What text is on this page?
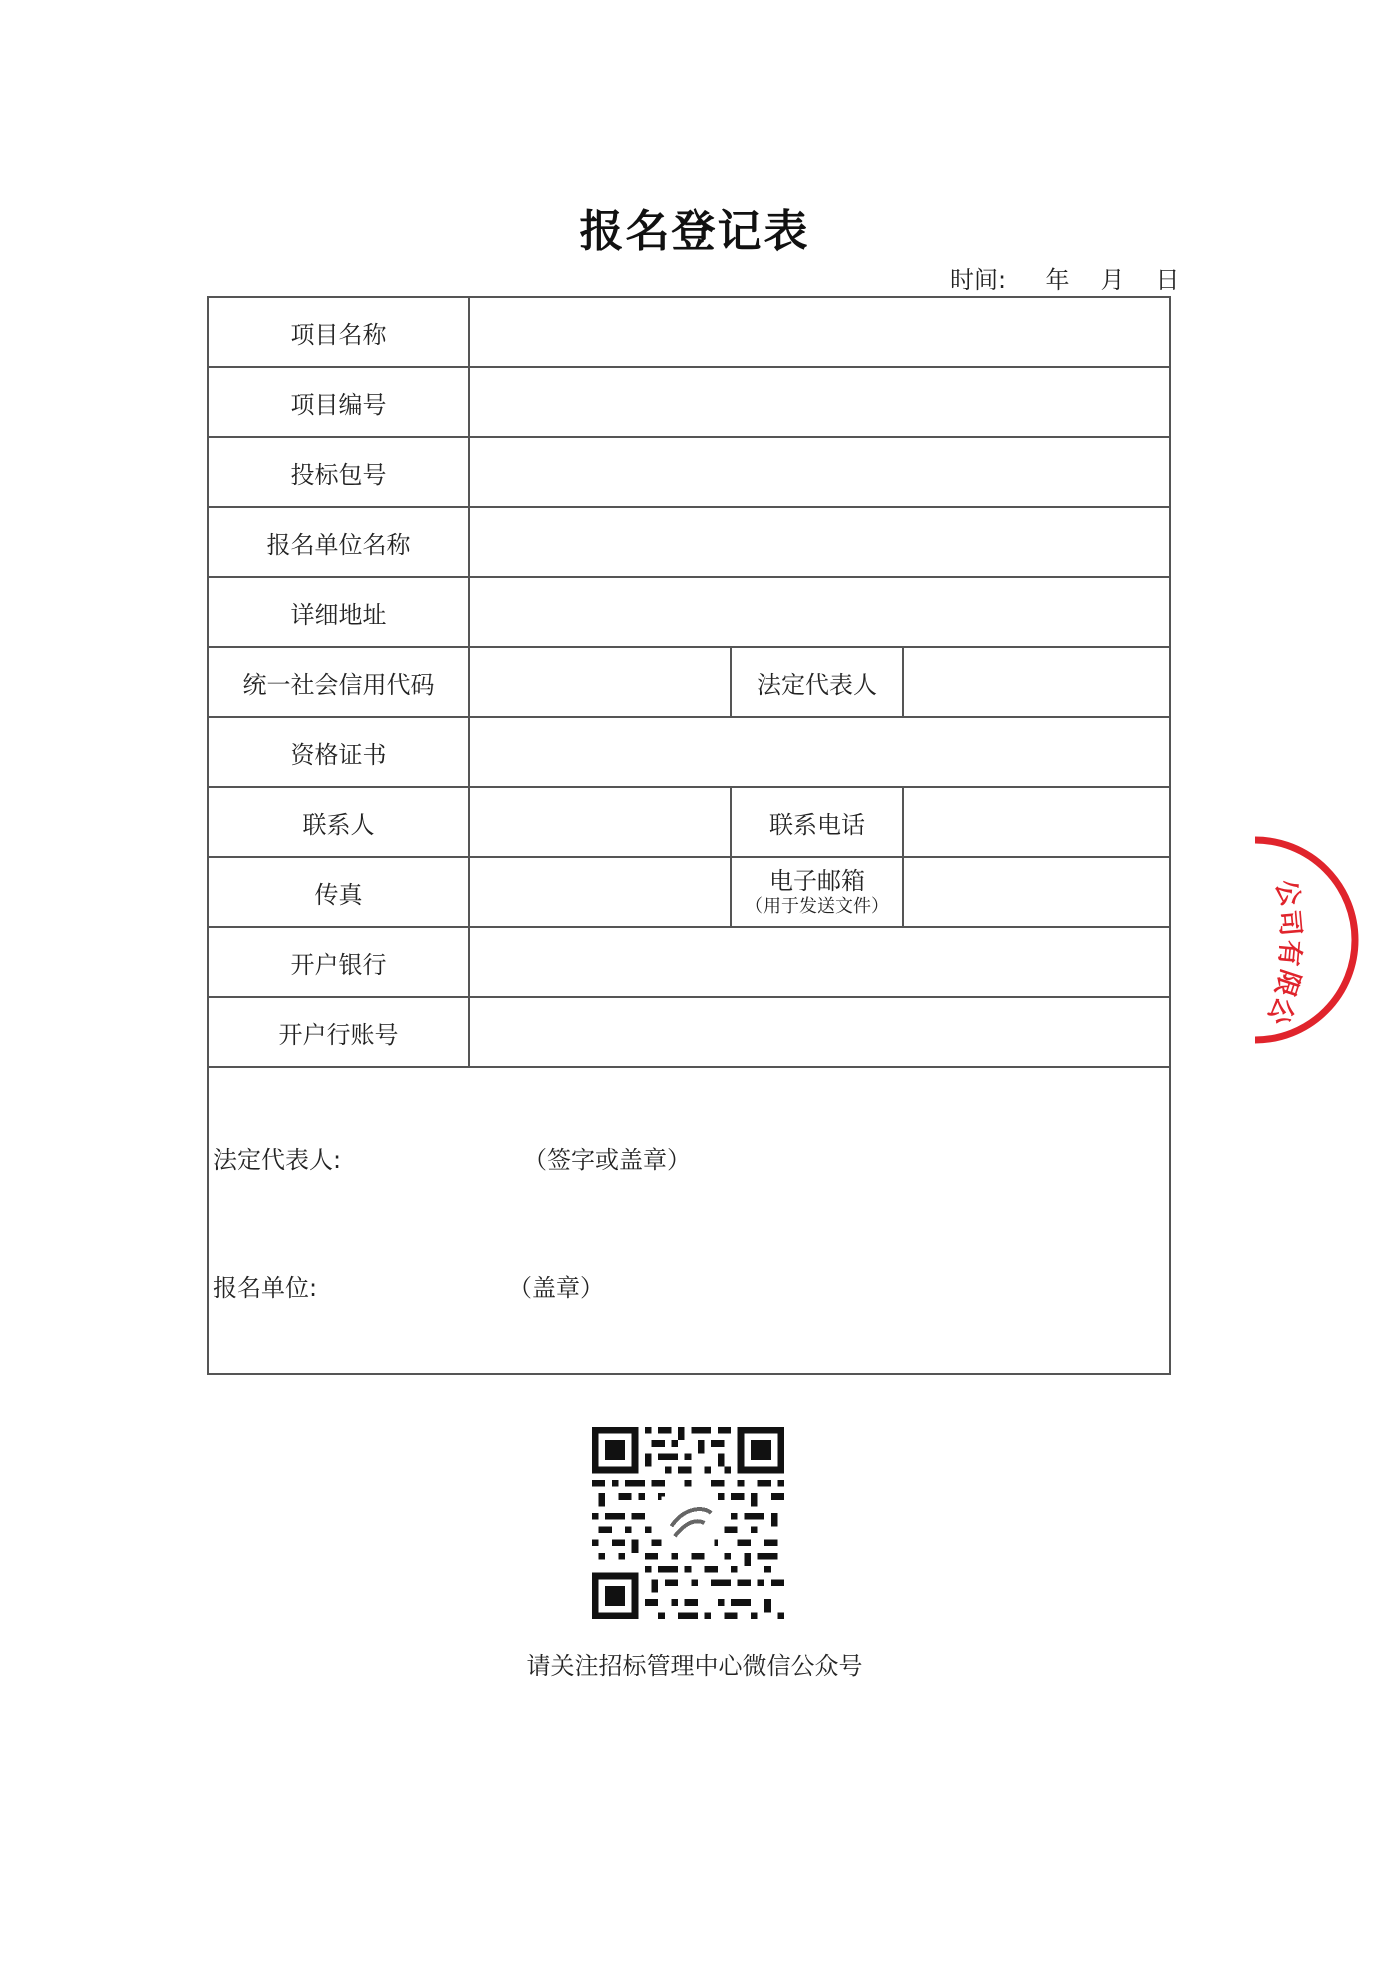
报名登记表
时间:	年	月	日
项目名称			
项目编号			
投标包号			
报名单位名称			
详细地址			
统一社会信用代码		法定代表人	
资格证书			
联系人		联系电话	
传真		电子邮箱
（用于发送文件）	

开户银行			
开户行账号			

法定代表人: （签字或盖章）
报名单位: （盖章）			
请关注招标管理中心微信公众号
公
司
有
限
公
